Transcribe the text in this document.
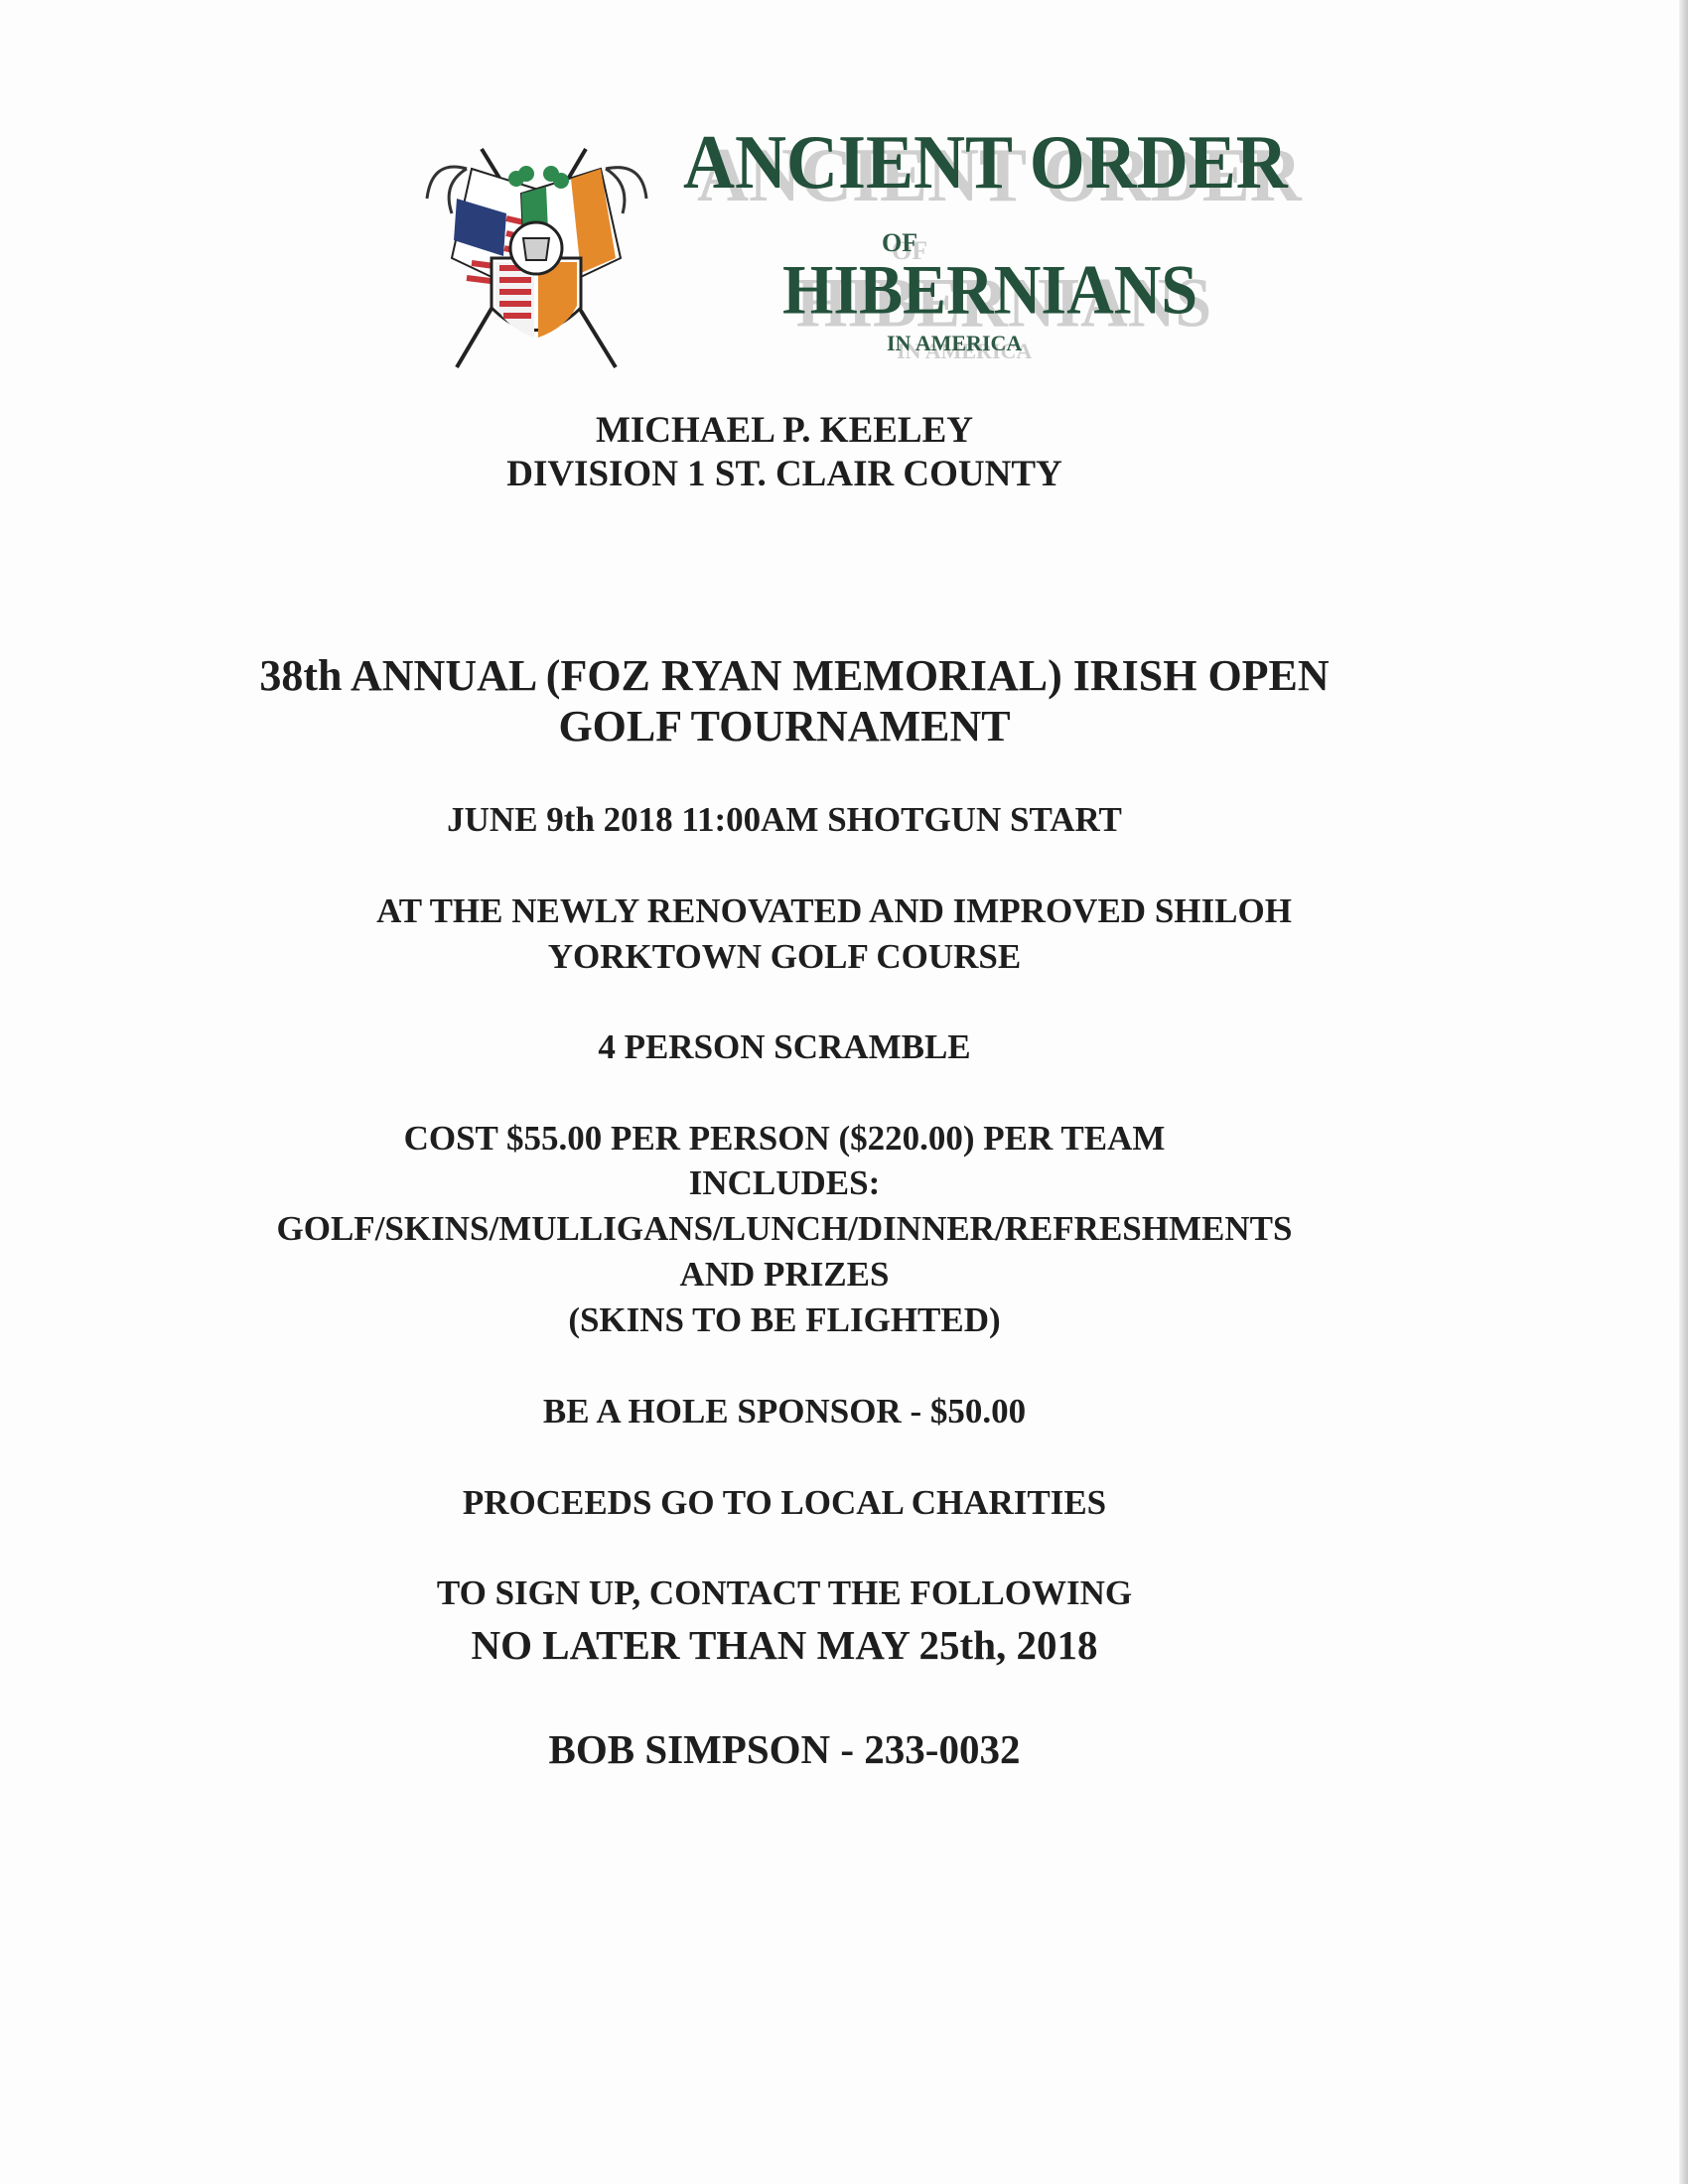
ANCIENT ORDER
OF
HIBERNIANS
IN AMERICA
MICHAEL P. KEELEY
DIVISION 1 ST. CLAIR COUNTY
38th ANNUAL (FOZ RYAN MEMORIAL) IRISH OPEN
GOLF TOURNAMENT
JUNE 9th 2018 11:00AM SHOTGUN START
AT THE NEWLY RENOVATED AND IMPROVED SHILOH
YORKTOWN GOLF COURSE
4 PERSON SCRAMBLE
COST $55.00 PER PERSON ($220.00) PER TEAM
INCLUDES:
GOLF/SKINS/MULLIGANS/LUNCH/DINNER/REFRESHMENTS
AND PRIZES
(SKINS TO BE FLIGHTED)
BE A HOLE SPONSOR - $50.00
PROCEEDS GO TO LOCAL CHARITIES
TO SIGN UP, CONTACT THE FOLLOWING
NO LATER THAN MAY 25th, 2018
BOB SIMPSON - 233-0032
